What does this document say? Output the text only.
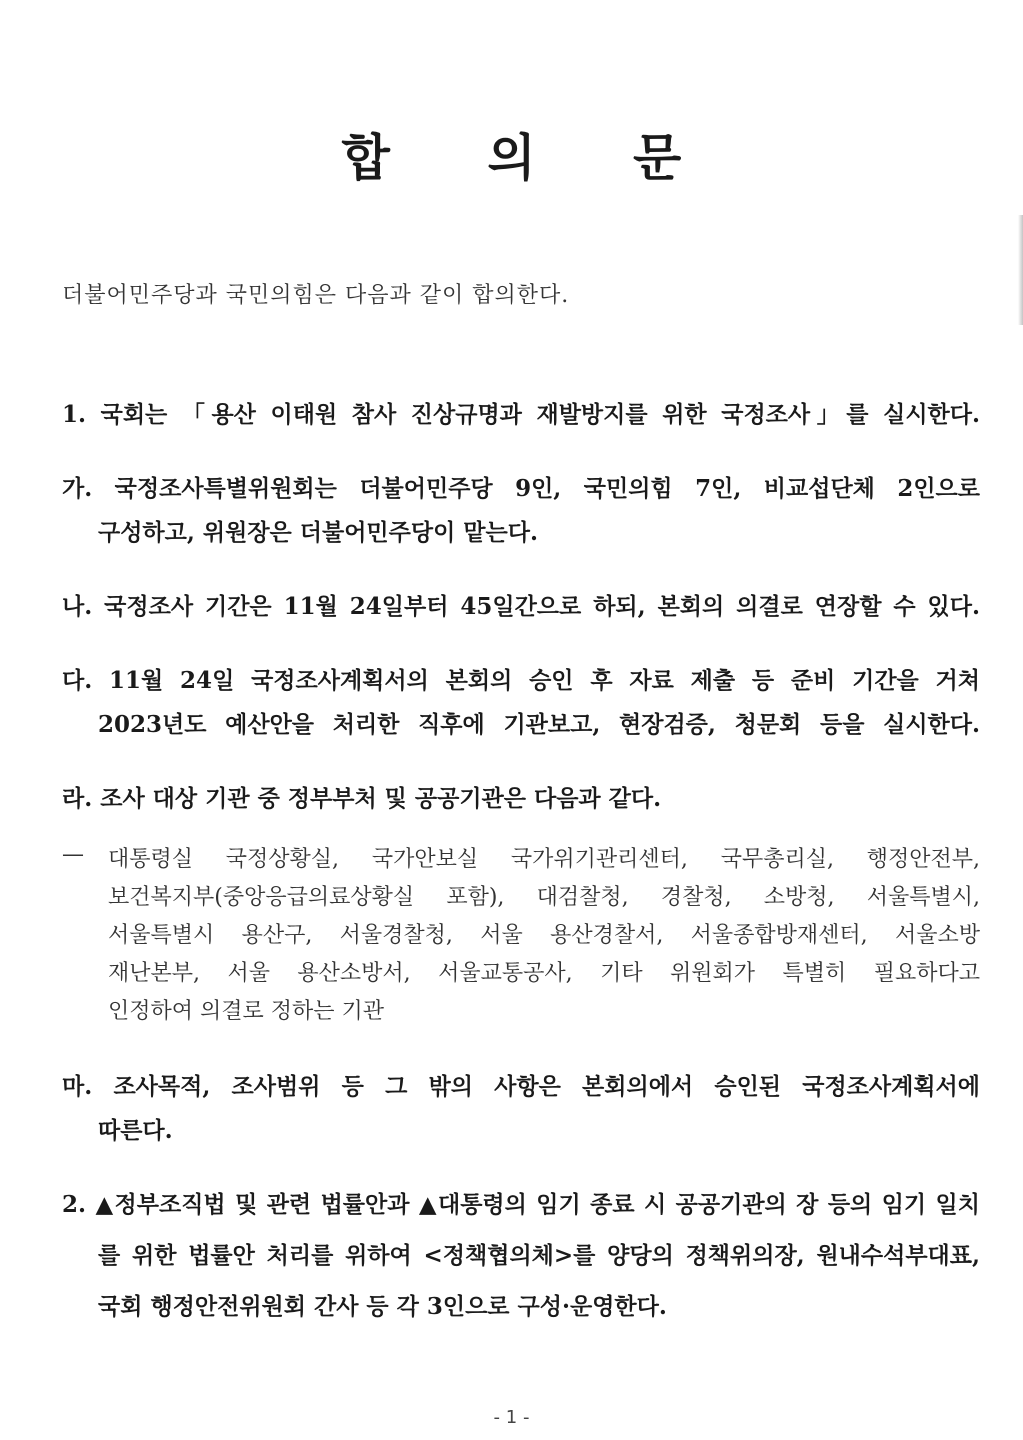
합 의 문
더불어민주당과 국민의힘은 다음과 같이 합의한다.
1. 국회는 「용산 이태원 참사 진상규명과 재발방지를 위한 국정조사」를 실시한다.
가. 국정조사특별위원회는 더불어민주당 9인, 국민의힘 7인, 비교섭단체 2인으로
구성하고, 위원장은 더불어민주당이 맡는다.
나. 국정조사 기간은 11월 24일부터 45일간으로 하되, 본회의 의결로 연장할 수 있다.
다. 11월 24일 국정조사계획서의 본회의 승인 후 자료 제출 등 준비 기간을 거쳐
2023년도 예산안을 처리한 직후에 기관보고, 현장검증, 청문회 등을 실시한다.
라. 조사 대상 기관 중 정부부처 및 공공기관은 다음과 같다.
— 대통령실 국정상황실, 국가안보실 국가위기관리센터, 국무총리실, 행정안전부,
보건복지부(중앙응급의료상황실 포함), 대검찰청, 경찰청, 소방청, 서울특별시,
서울특별시 용산구, 서울경찰청, 서울 용산경찰서, 서울종합방재센터, 서울소방
재난본부, 서울 용산소방서, 서울교통공사, 기타 위원회가 특별히 필요하다고
인정하여 의결로 정하는 기관
마. 조사목적, 조사범위 등 그 밖의 사항은 본회의에서 승인된 국정조사계획서에
따른다.
2. ▲정부조직법 및 관련 법률안과 ▲대통령의 임기 종료 시 공공기관의 장 등의 임기 일치
를 위한 법률안 처리를 위하여 <정책협의체>를 양당의 정책위의장, 원내수석부대표,
국회 행정안전위원회 간사 등 각 3인으로 구성·운영한다.
- 1 -
